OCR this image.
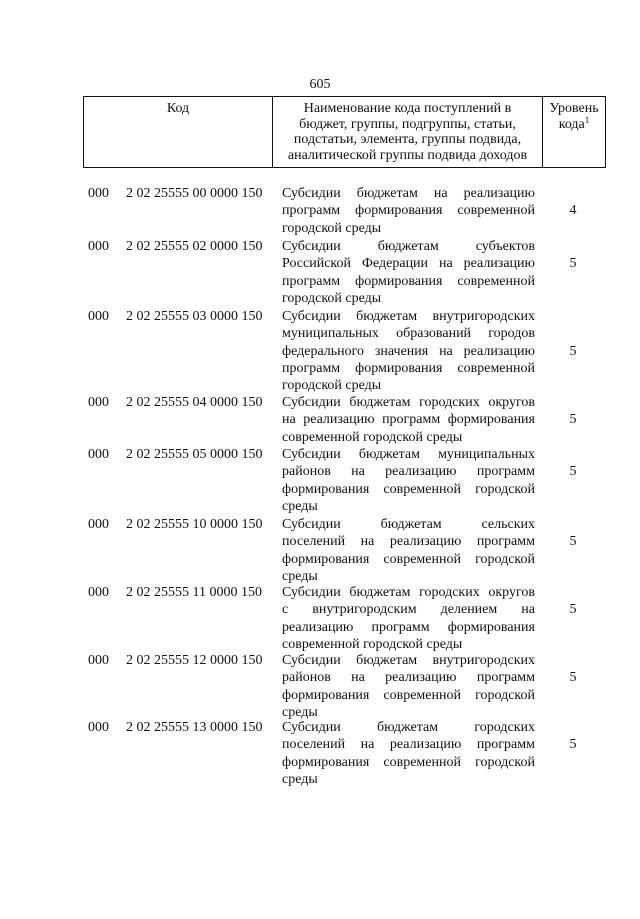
605
Код	Наименование кода поступлений в
бюджет, группы, подгруппы, статьи,
подстатьи, элемента, группы подвида,
аналитической группы подвида доходов
Уровень
кода$^1$
000 2 02 25555 00 0000 150 Субсидии бюджетам на реализацию
программ формирования современной
городской среды
4
000 2 02 25555 02 0000 150 Субсидии бюджетам субъектов
Российской Федерации на реализацию
программ формирования современной
городской среды
5
000 2 02 25555 03 0000 150 Субсидии бюджетам внутригородских
муниципальных образований городов
федерального значения на реализацию
программ формирования современной
городской среды
5
000 2 02 25555 04 0000 150 Субсидии бюджетам городских округов
на реализацию программ формирования
современной городской среды
5
000 2 02 25555 05 0000 150 Субсидии бюджетам муниципальных
районов на реализацию программ
формирования современной городской
среды
5
000 2 02 25555 10 0000 150 Субсидии бюджетам сельских
поселений на реализацию программ
формирования современной городской
среды
5
000 2 02 25555 11 0000 150 Субсидии бюджетам городских округов
с внутригородским делением на
реализацию программ формирования
современной городской среды
5
000 2 02 25555 12 0000 150 Субсидии бюджетам внутригородских
районов на реализацию программ
формирования современной городской
среды
5
000 2 02 25555 13 0000 150 Субсидии бюджетам городских
поселений на реализацию программ
формирования современной городской
среды
5
